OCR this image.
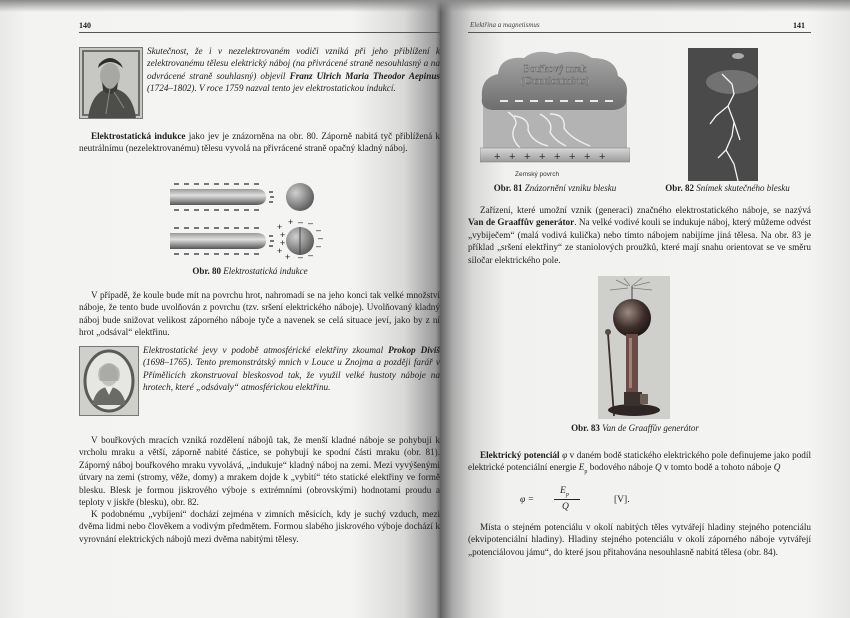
140

Skutečnost, že i v nezelektrovaném vodiči vzniká při jeho přiblížení k zelektrovanému tělesu elektrický náboj (na přivrácené straně nesouhlasný a na odvrácené straně souhlasný) objevil Franz Ulrich Maria Theodor Aepinus (1724–1802). V roce 1759 nazval tento jev elektrostatickou indukcí.

Elektrostatická indukce jako jev je znázorněna na obr. 80. Záporně nabitá tyč přiblížená k neutrálnímu (nezelektrovanému) tělesu vyvolá na přivrácené straně opačný kladný náboj.

+
+
+
+
+
+ – –
–
–
–
–
–

Obr. 80 Elektrostatická indukce

V případě, že koule bude mít na povrchu hrot, nahromadí se na jeho konci tak velké množství náboje, že tento bude uvolňován z povrchu (tzv. sršení elektrického náboje). Uvolňovaný kladný náboj bude snižovat velikost záporného náboje tyče a navenek se celá situace jeví, jako by z ní hrot „odsával“ elektřinu.

Elektrostatické jevy v podobě atmosférické elektřiny zkoumal Prokop Diviš (1698–1765). Tento premonstrátský mnich v Louce u Znojma a později farář v Přímělicích zkonstruoval bleskosvod tak, že využil velké hustoty náboje na hrotech, které „odsávaly“ atmosférickou elektřinu.

V bouřkových mracích vzniká rozdělení nábojů tak, že menší kladné náboje se pohybují k vrcholu mraku a větší, záporně nabité částice, se pohybují ke spodní části mraku (obr. 81). Záporný náboj bouřkového mraku vyvolává, „indukuje“ kladný náboj na zemi. Mezi vyvýšenými útvary na zemi (stromy, věže, domy) a mrakem dojde k „vybití“ této statické elektřiny ve formě blesku. Blesk je formou jiskrového výboje s extrémními (obrovskými) hodnotami proudu a teploty v jiskře (blesku), obr. 82.

K podobnému „vybíjení“ dochází zejména v zimních měsících, kdy je suchý vzduch, mezi dvěma lidmi nebo člověkem a vodivým předmětem. Formou slabého jiskrového výboje dochází k vyrovnání elektrických nábojů mezi dvěma nabitými tělesy.

Elektřina a magnetismus	141
Bouřkový mrak
(Cumulonimbus)
+ + + + + + + +
Zemský povrch

Obr. 81 Znázornění vzniku blesku	Obr. 82 Snímek skutečného blesku

Zařízení, které umožní vznik (generaci) značného elektrostatického náboje, se nazývá Van de Graaffův generátor. Na velké vodivé kouli se indukuje náboj, který můžeme odvést „vybiječem“ (malá vodivá kulička) nebo tímto nábojem nabijíme jiná tělesa. Na obr. 83 je příklad „sršení elektřiny“ ze staniolových proužků, které mají snahu orientovat se ve směru siločar elektrického pole.

Obr. 83 Van de Graaffův generátor

Elektrický potenciál φ v daném bodě statického elektrického pole definujeme jako podíl elektrické potenciální energie $E_p$ bodového náboje Q v tomto bodě a tohoto náboje Q

φ =
$E_p$
Q
[V].

Místa o stejném potenciálu v okolí nabitých těles vytvářejí hladiny stejného potenciálu (ekvipotenciální hladiny). Hladiny stejného potenciálu v okolí záporného náboje vytvářejí „potenciálovou jámu“, do které jsou přitahována nesouhlasně nabitá tělesa (obr. 84).
